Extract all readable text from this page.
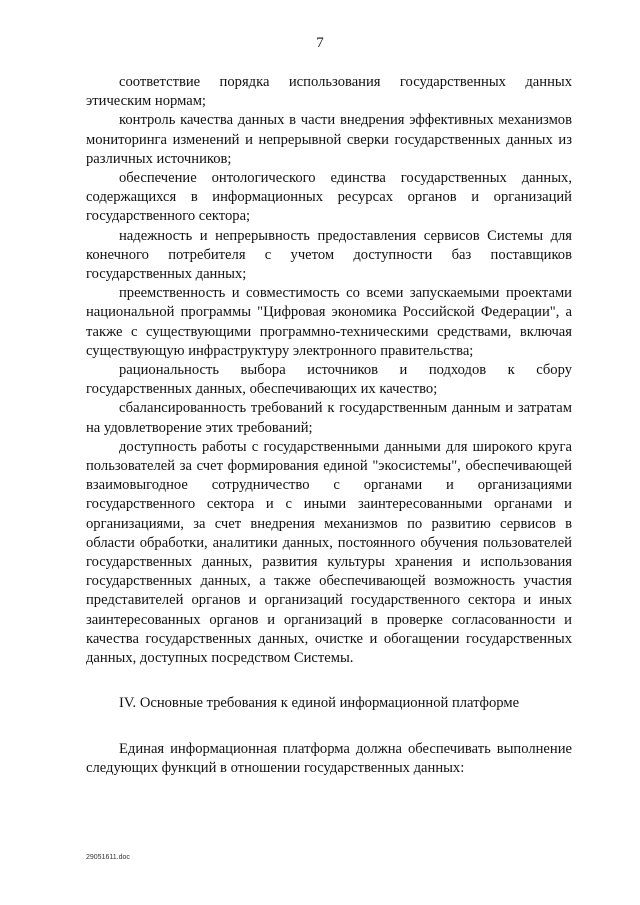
7

соответствие порядка использования государственных данных этическим нормам;

контроль качества данных в части внедрения эффективных механизмов мониторинга изменений и непрерывной сверки государственных данных из различных источников;

обеспечение онтологического единства государственных данных, содержащихся в информационных ресурсах органов и организаций государственного сектора;

надежность и непрерывность предоставления сервисов Системы для конечного потребителя с учетом доступности баз поставщиков государственных данных;

преемственность и совместимость со всеми запускаемыми проектами национальной программы "Цифровая экономика Российской Федерации", а также с существующими программно-техническими средствами, включая существующую инфраструктуру электронного правительства;

рациональность выбора источников и подходов к сбору государственных данных, обеспечивающих их качество;

сбалансированность требований к государственным данным и затратам на удовлетворение этих требований;

доступность работы с государственными данными для широкого круга пользователей за счет формирования единой "экосистемы", обеспечивающей взаимовыгодное сотрудничество с органами и организациями государственного сектора и с иными заинтересованными органами и организациями, за счет внедрения механизмов по развитию сервисов в области обработки, аналитики данных, постоянного обучения пользователей государственных данных, развития культуры хранения и использования государственных данных, а также обеспечивающей возможность участия представителей органов и организаций государственного сектора и иных заинтересованных органов и организаций в проверке согласованности и качества государственных данных, очистке и обогащении государственных данных, доступных посредством Системы.

IV. Основные требования к единой информационной платформе

Единая информационная платформа должна обеспечивать выполнение следующих функций в отношении государственных данных:

29051611.doc
